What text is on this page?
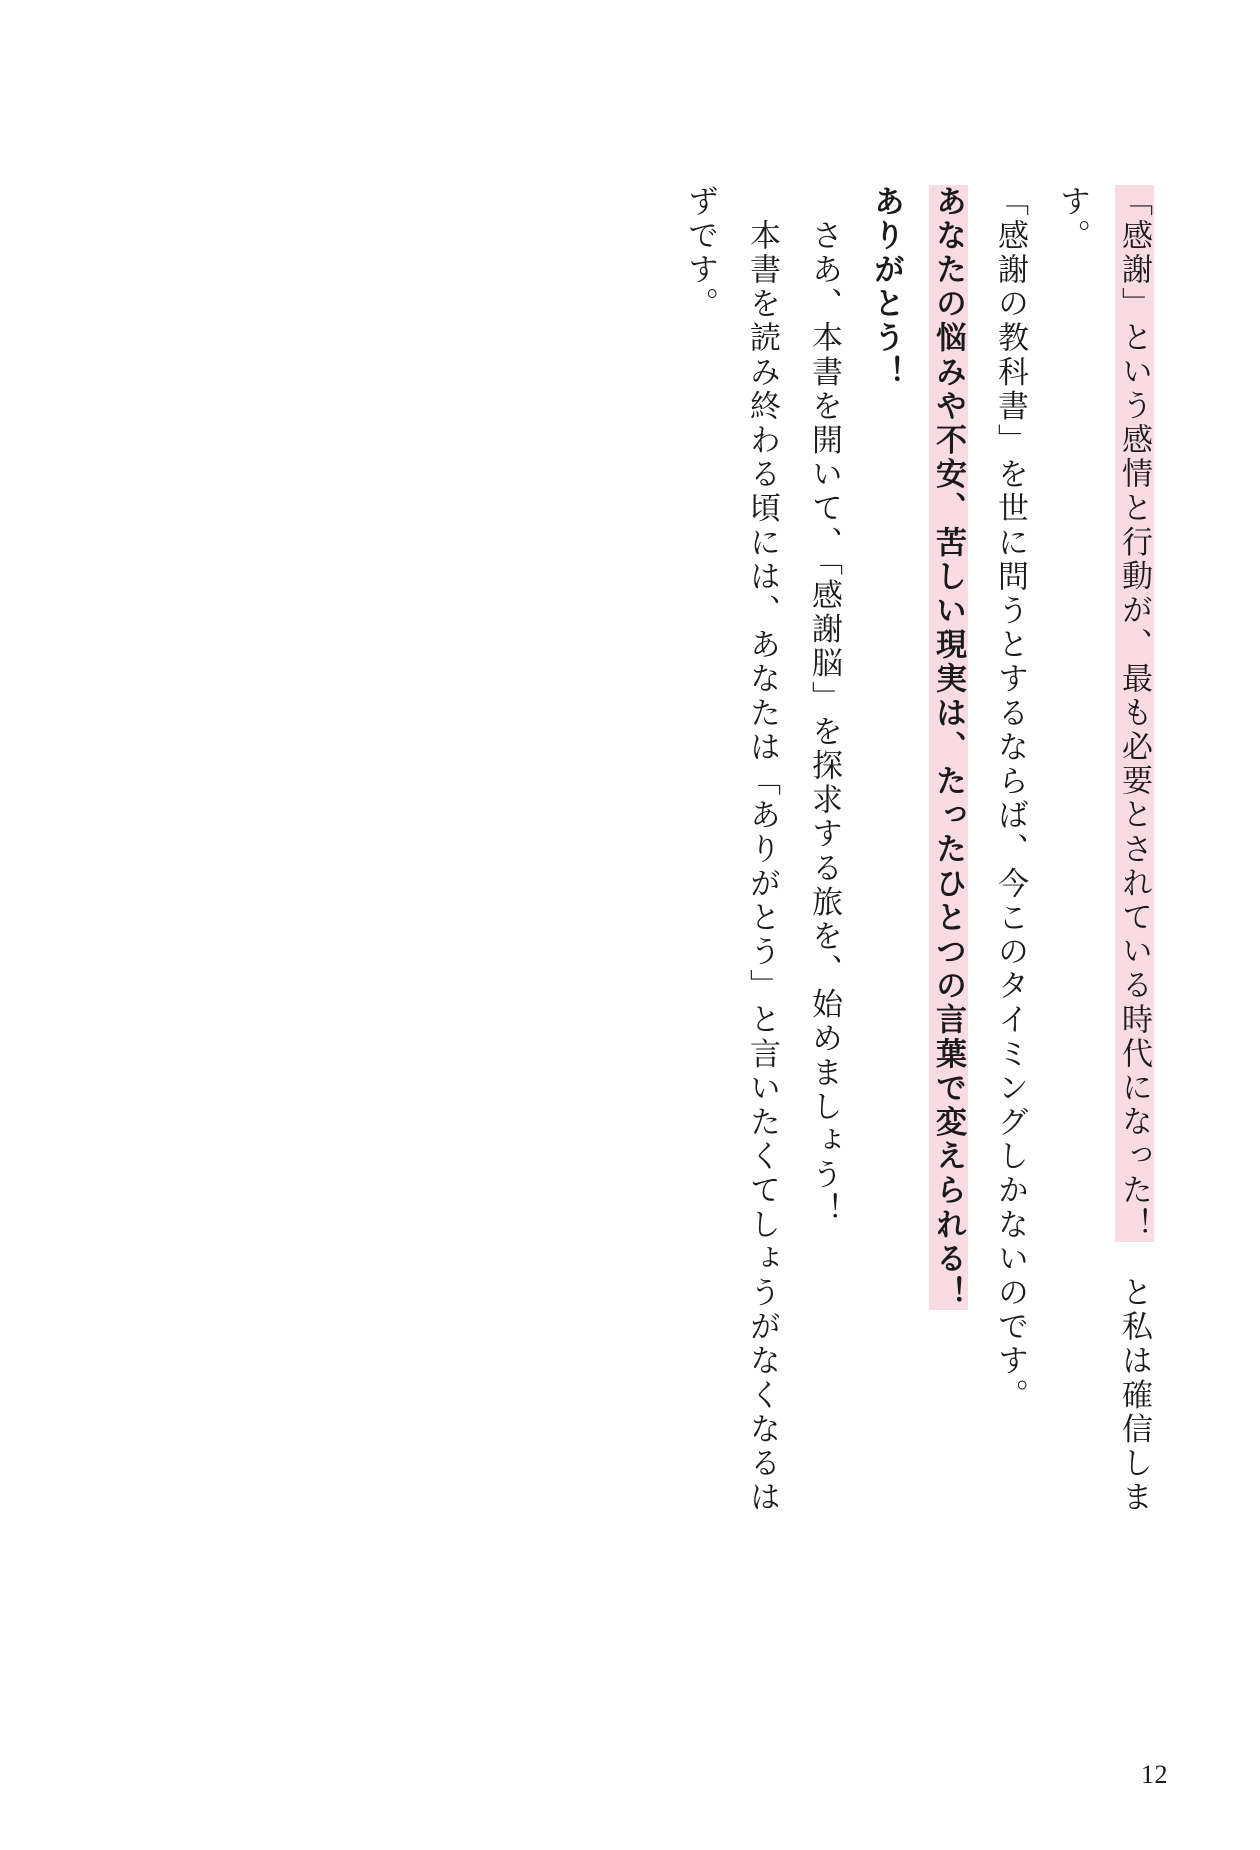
「感謝」という感情と行動が、最も必要とされている時代になった！　と私は確信します。

「感謝の教科書」を世に問うとするならば、今このタイミングしかないのです。

あなたの悩みや不安、苦しい現実は、たったひとつの言葉で変えられる！

ありがとう！

　さあ、本書を開いて、「感謝脳」を探求する旅を、始めましょう！

　本書を読み終わる頃には、あなたは「ありがとう」と言いたくてしょうがなくなるはずです。

12
